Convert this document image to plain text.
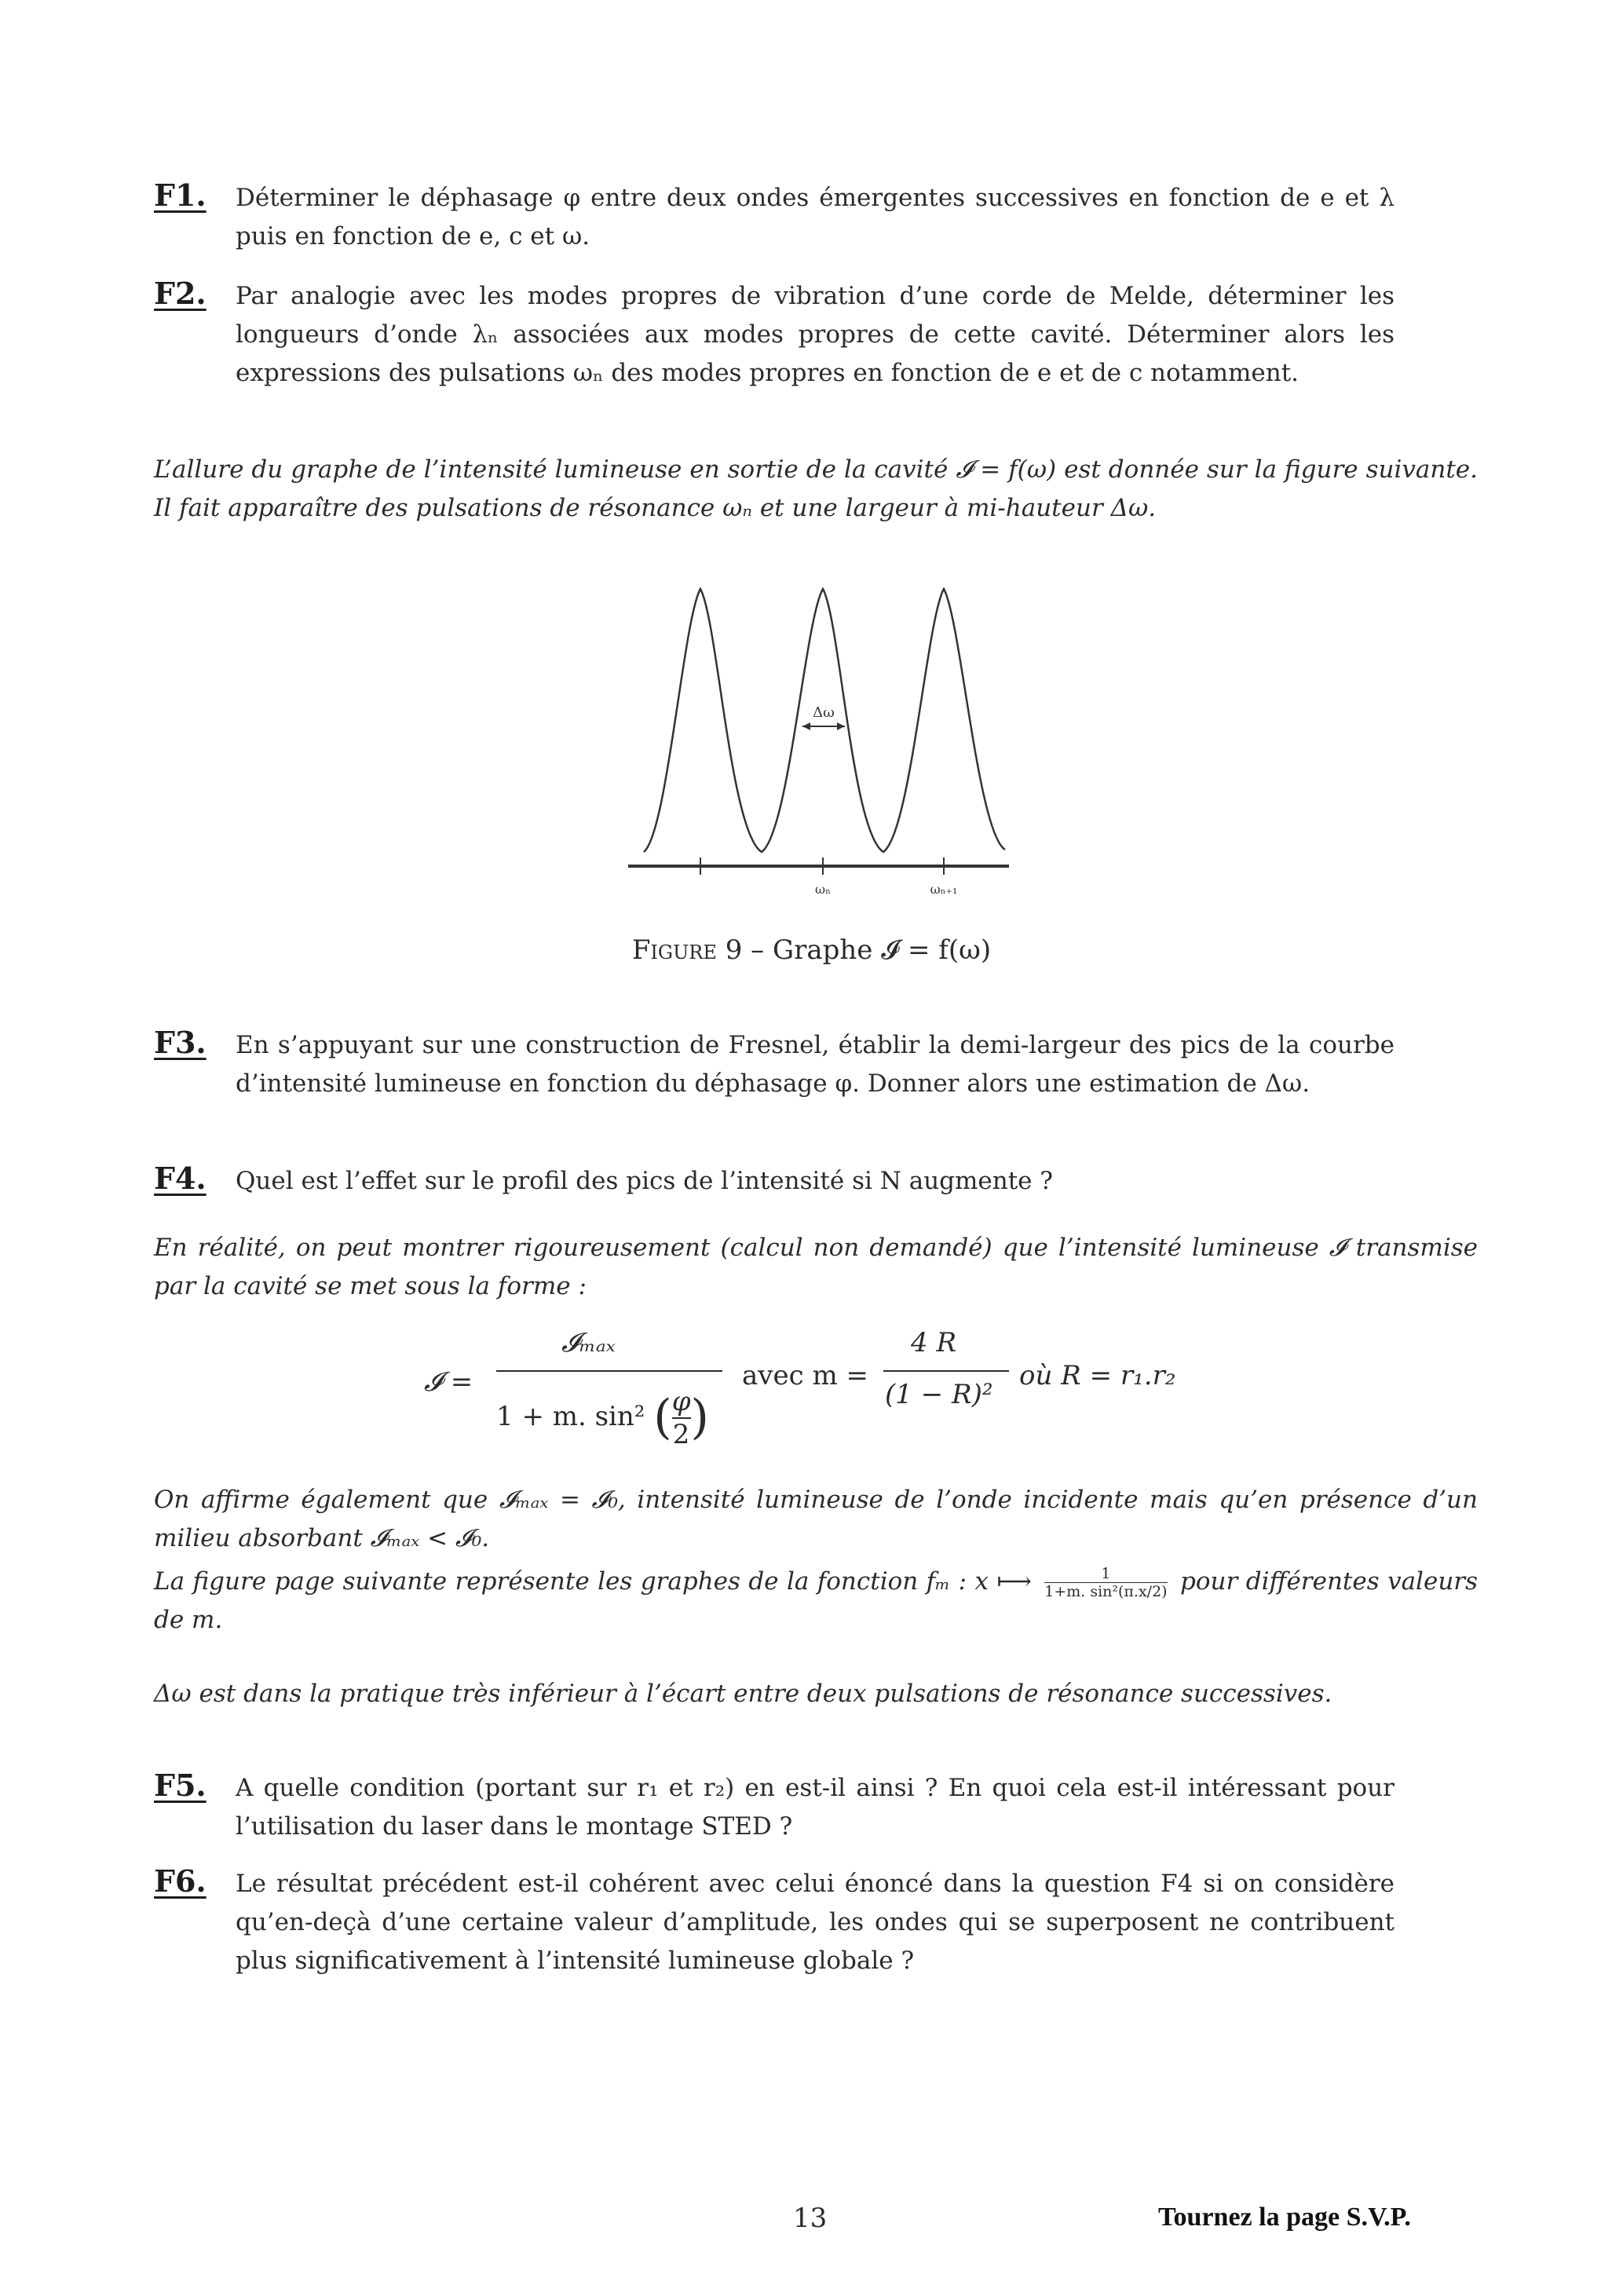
F1. Déterminer le déphasage φ entre deux ondes émergentes successives en fonction de e et λ puis en fonction de e, c et ω.
F2. Par analogie avec les modes propres de vibration d’une corde de Melde, déterminer les longueurs d’onde λₙ associées aux modes propres de cette cavité. Déterminer alors les expressions des pulsations ωₙ des modes propres en fonction de e et de c notamment.
L’allure du graphe de l’intensité lumineuse en sortie de la cavité 𝓘 = f(ω) est donnée sur la figure suivante. Il fait apparaître des pulsations de résonance ωₙ et une largeur à mi-hauteur Δω.
Δω
ωₙ	ωₙ₊₁
Figure 9 – Graphe 𝓘 = f(ω)
F3. En s’appuyant sur une construction de Fresnel, établir la demi-largeur des pics de la courbe d’intensité lumineuse en fonction du déphasage φ. Donner alors une estimation de Δω.
F4. Quel est l’effet sur le profil des pics de l’intensité si N augmente ?
En réalité, on peut montrer rigoureusement (calcul non demandé) que l’intensité lumineuse 𝓘 transmise par la cavité se met sous la forme :
𝓘 =
𝓘ₘₐₓ
1 + m. sin² ( $\frac{\varphi}{2}$ )
avec m =
4 R
(1 − R)²
où R = r₁.r₂
On affirme également que 𝓘ₘₐₓ = 𝓘₀, intensité lumineuse de l’onde incidente mais qu’en présence d’un milieu absorbant 𝓘ₘₐₓ < 𝓘₀.
La figure page suivante représente les graphes de la fonction fₘ : x ⟼ $\frac{1}{\text{1+m. sin²(π.x/2)}}$ pour différentes valeurs de m.
Δω est dans la pratique très inférieur à l’écart entre deux pulsations de résonance successives.
F5. A quelle condition (portant sur r₁ et r₂) en est-il ainsi ? En quoi cela est-il intéressant pour l’utilisation du laser dans le montage STED ?
F6. Le résultat précédent est-il cohérent avec celui énoncé dans la question F4 si on considère qu’en-deçà d’une certaine valeur d’amplitude, les ondes qui se superposent ne contribuent plus significativement à l’intensité lumineuse globale ?
13	Tournez la page S.V.P.
